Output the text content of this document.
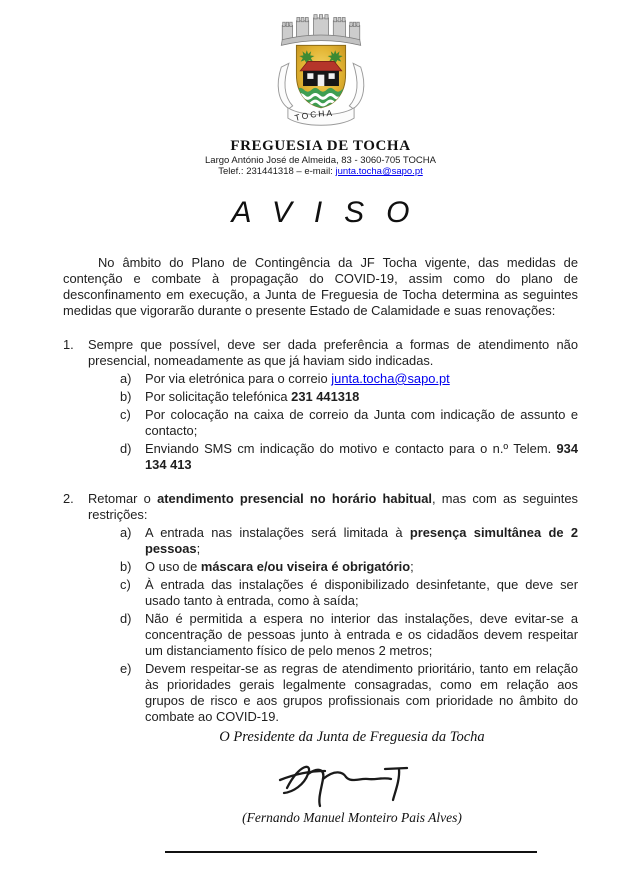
TOCHA
FREGUESIA DE TOCHA
Largo António José de Almeida, 83 - 3060-705 TOCHA
Telef.: 231441318 – e-mail: junta.tocha@sapo.pt
AVISO

No âmbito do Plano de Contingência da JF Tocha vigente, das medidas de contenção e combate à propagação do COVID-19, assim como do plano de desconfinamento em execução, a Junta de Freguesia de Tocha determina as seguintes medidas que vigorarão durante o presente Estado de Calamidade e suas renovações:

1. Sempre que possível, deve ser dada preferência a formas de atendimento não presencial, nomeadamente as que já haviam sido indicadas.
a) Por via eletrónica para o correio junta.tocha@sapo.pt
b) Por solicitação telefónica 231 441318
c) Por colocação na caixa de correio da Junta com indicação de assunto e contacto;
d) Enviando SMS cm indicação do motivo e contacto para o n.º Telem. 934 134 413
2. Retomar o atendimento presencial no horário habitual, mas com as seguintes restrições:
a) A entrada nas instalações será limitada à presença simultânea de 2 pessoas;
b) O uso de máscara e/ou viseira é obrigatório;
c) À entrada das instalações é disponibilizado desinfetante, que deve ser usado tanto à entrada, como à saída;
d) Não é permitida a espera no interior das instalações, deve evitar-se a concentração de pessoas junto à entrada e os cidadãos devem respeitar um distanciamento físico de pelo menos 2 metros;
e) Devem respeitar-se as regras de atendimento prioritário, tanto em relação às prioridades gerais legalmente consagradas, como em relação aos grupos de risco e aos grupos profissionais com prioridade no âmbito do combate ao COVID-19.
O Presidente da Junta de Freguesia da Tocha
(Fernando Manuel Monteiro Pais Alves)
